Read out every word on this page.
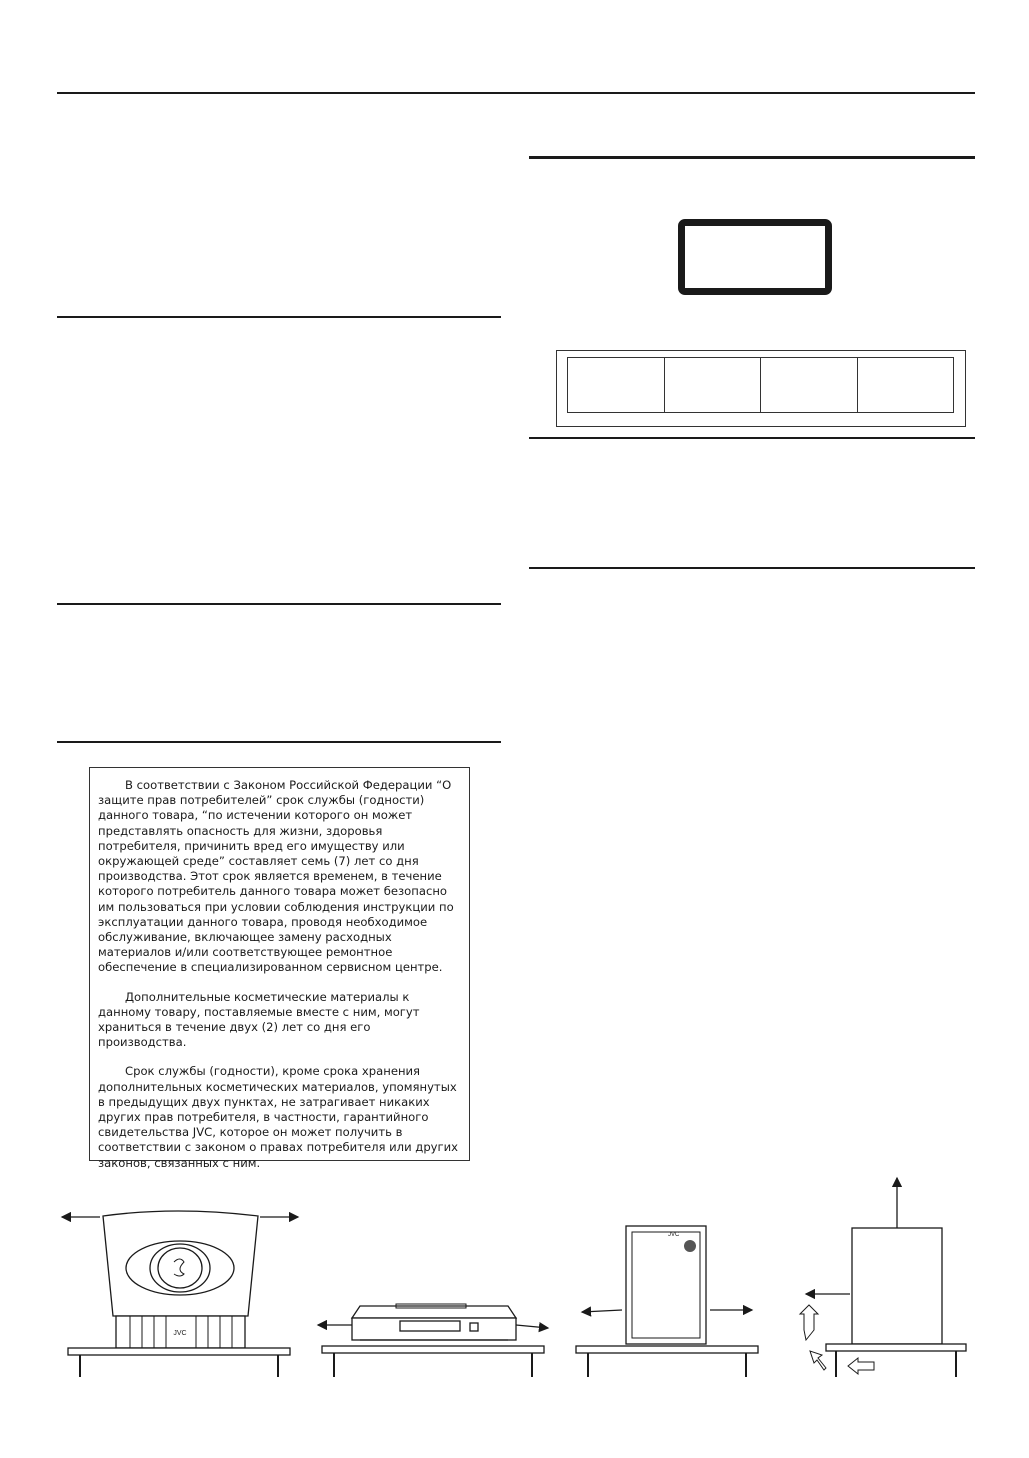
В соответствии с Законом Российской Федерации “О защите прав потребителей” срок службы (годности) данного товара, “по истечении которого он может представлять опасность для жизни, здоровья потребителя, причинить вред его имуществу или окружающей среде” составляет семь (7) лет со дня производства. Этот срок является временем, в течение которого потребитель данного товара может безопасно им пользоваться при условии соблюдения инструкции по эксплуатации данного товара, проводя необходимое обслуживание, включающее замену расходных материалов и/или соответствующее ремонтное обеспечение в специализированном сервисном центре.

Дополнительные косметические материалы к данному товару, поставляемые вместе с ним, могут храниться в течение двух (2) лет со дня его производства.

Срок службы (годности), кроме срока хранения дополнительных косметических материалов, упомянутых в предыдущих двух пунктах, не затрагивает никаких других прав потребителя, в частности, гарантийного свидетельства JVC, которое он может получить в соответствии с законом о правах потребителя или других законов, связанных с ним.

JVC
JVC
